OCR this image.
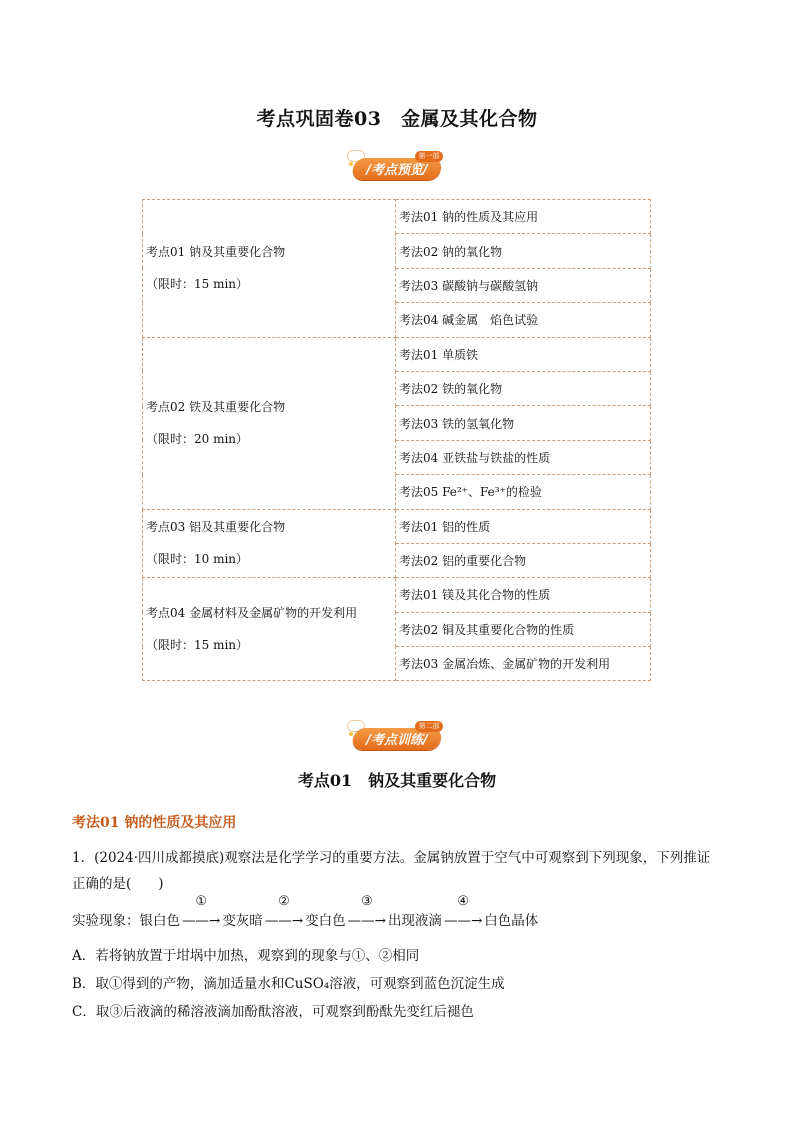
考点巩固卷03　金属及其化合物
/考点预览/
第一部
考点01 钠及其重要化合物
（限时：15 min）	考法01 钠的性质及其应用
	考法02 钠的氧化物
	考法03 碳酸钠与碳酸氢钠
	考法04 碱金属　焰色试验

考点02 铁及其重要化合物
（限时：20 min）	考法01 单质铁
	考法02 铁的氧化物
	考法03 铁的氢氧化物
	考法04 亚铁盐与铁盐的性质
	考法05 Fe²⁺、Fe³⁺的检验

考点03 铝及其重要化合物
（限时：10 min）	考法01 铝的性质
	考法02 铝的重要化合物

考点04 金属材料及金属矿物的开发利用
（限时：15 min）	考法01 镁及其化合物的性质
	考法02 铜及其重要化合物的性质
	考法03 金属冶炼、金属矿物的开发利用
/考点训练/
第二部
考点01　钠及其重要化合物
考法01 钠的性质及其应用
1．(2024·四川成都摸底)观察法是化学学习的重要方法。金属钠放置于空气中可观察到下列现象，下列推证
正确的是(　　)
实验现象：银白色
①
——→ 变灰暗
②
——→ 变白色
③
——→ 出现液滴
④
——→ 白色晶体
A．若将钠放置于坩埚中加热，观察到的现象与①、②相同
B．取①得到的产物，滴加适量水和CuSO₄溶液，可观察到蓝色沉淀生成
C．取③后液滴的稀溶液滴加酚酞溶液，可观察到酚酞先变红后褪色
